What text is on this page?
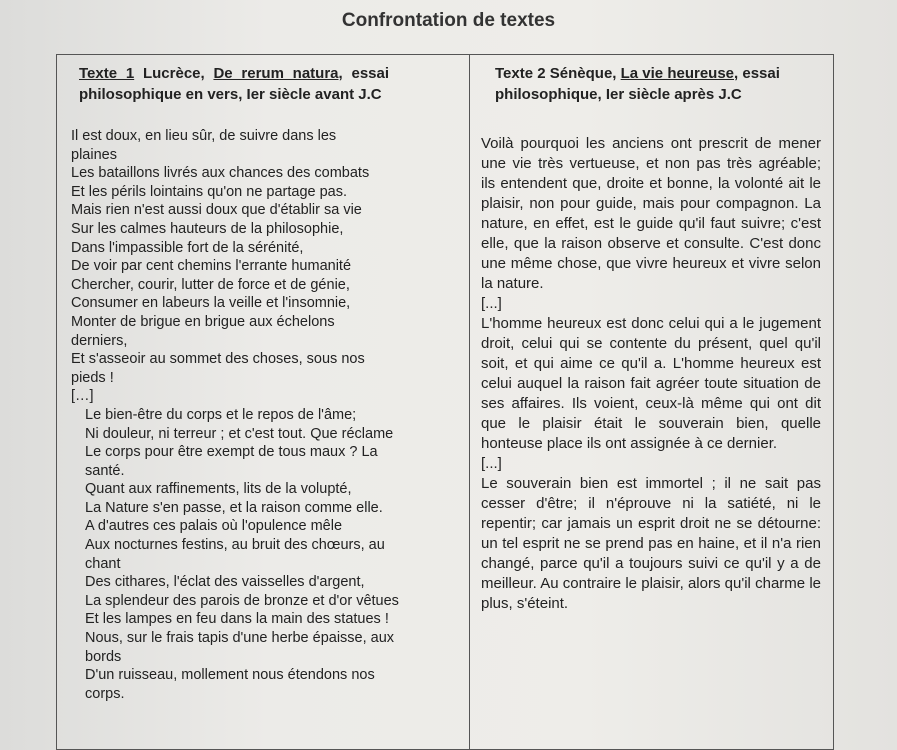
Confrontation de textes
Texte 1 Lucrèce, De rerum natura, essai philosophique en vers, Ier siècle avant J.C
Il est doux, en lieu sûr, de suivre dans les
plaines
Les bataillons livrés aux chances des combats
Et les périls lointains qu'on ne partage pas.
Mais rien n'est aussi doux que d'établir sa vie
Sur les calmes hauteurs de la philosophie,
Dans l'impassible fort de la sérénité,
De voir par cent chemins l'errante humanité
Chercher, courir, lutter de force et de génie,
Consumer en labeurs la veille et l'insomnie,
Monter de brigue en brigue aux échelons
derniers,
Et s'asseoir au sommet des choses, sous nos
pieds !
[…]
Le bien-être du corps et le repos de l'âme;
Ni douleur, ni terreur ; et c'est tout. Que réclame
Le corps pour être exempt de tous maux ? La
santé.
Quant aux raffinements, lits de la volupté,
La Nature s'en passe, et la raison comme elle.
A d'autres ces palais où l'opulence mêle
Aux nocturnes festins, au bruit des chœurs, au
chant
Des cithares, l'éclat des vaisselles d'argent,
La splendeur des parois de bronze et d'or vêtues
Et les lampes en feu dans la main des statues !
Nous, sur le frais tapis d'une herbe épaisse, aux
bords
D'un ruisseau, mollement nous étendons nos
corps.
Texte 2 Sénèque, La vie heureuse, essai philosophique, Ier siècle après J.C

Voilà pourquoi les anciens ont prescrit de mener une vie très vertueuse, et non pas très agréable; ils entendent que, droite et bonne, la volonté ait le plaisir, non pour guide, mais pour compagnon. La nature, en effet, est le guide qu'il faut suivre; c'est elle, que la raison observe et consulte. C'est donc une même chose, que vivre heureux et vivre selon la nature.

[...]

L'homme heureux est donc celui qui a le jugement droit, celui qui se contente du présent, quel qu'il soit, et qui aime ce qu'il a. L'homme heureux est celui auquel la raison fait agréer toute situation de ses affaires. Ils voient, ceux-là même qui ont dit que le plaisir était le souverain bien, quelle honteuse place ils ont assignée à ce dernier.

[...]

Le souverain bien est immortel ; il ne sait pas cesser d'être; il n'éprouve ni la satiété, ni le repentir; car jamais un esprit droit ne se détourne: un tel esprit ne se prend pas en haine, et il n'a rien changé, parce qu'il a toujours suivi ce qu'il y a de meilleur. Au contraire le plaisir, alors qu'il charme le plus, s'éteint.
